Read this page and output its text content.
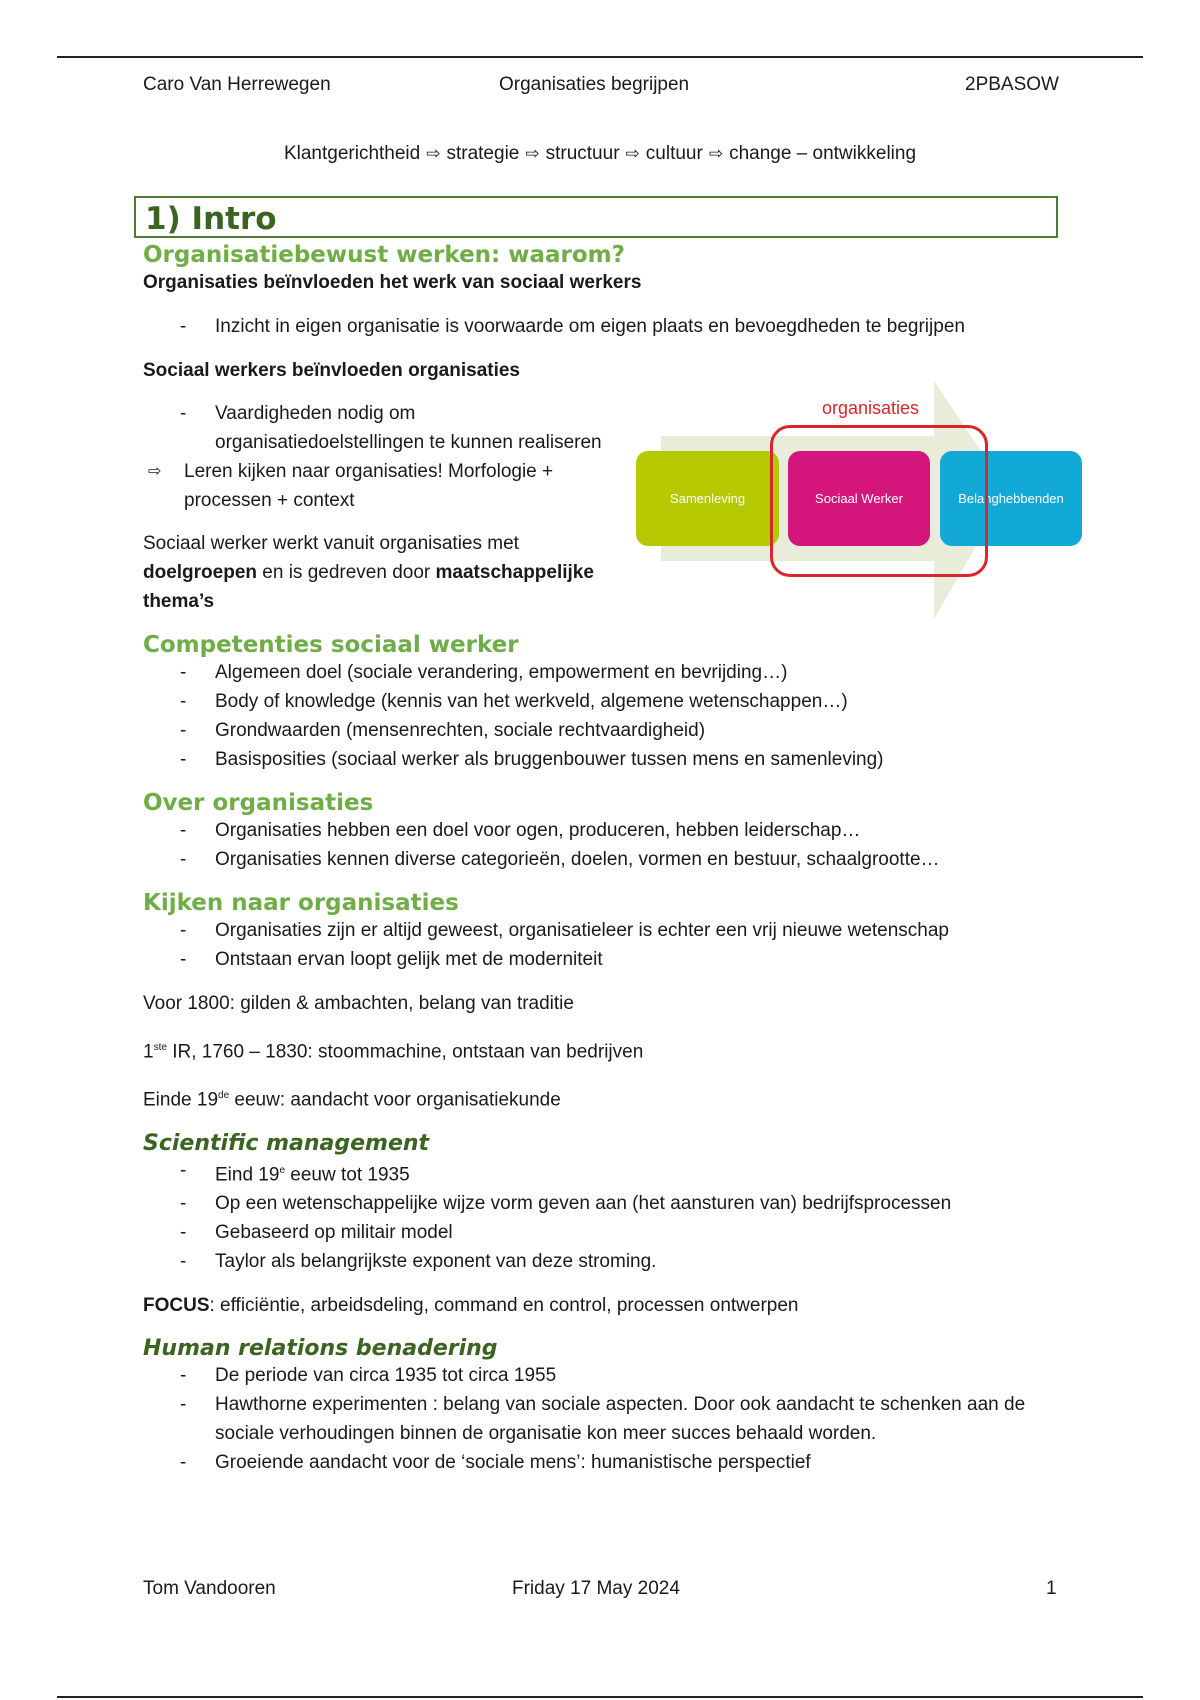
Caro Van Herrewegen	Organisaties begrijpen	2PBASOW
Klantgerichtheid ⇨ strategie ⇨ structuur ⇨ cultuur ⇨ change – ontwikkeling
1) Intro
Organisatiebewust werken: waarom?

Organisaties beïnvloeden het werk van sociaal werkers

- Inzicht in eigen organisatie is voorwaarde om eigen plaats en bevoegdheden te begrijpen

Sociaal werkers beïnvloeden organisaties

- Vaardigheden nodig om organisatiedoelstellingen te kunnen realiseren
⇨ Leren kijken naar organisaties! Morfologie + processen + context

Sociaal werker werkt vanuit organisaties met doelgroepen en is gedreven door maatschappelijke thema’s

Competenties sociaal werker
- Algemeen doel (sociale verandering, empowerment en bevrijding…)
- Body of knowledge (kennis van het werkveld, algemene wetenschappen…)
- Grondwaarden (mensenrechten, sociale rechtvaardigheid)
- Basisposities (sociaal werker als bruggenbouwer tussen mens en samenleving)
Over organisaties
- Organisaties hebben een doel voor ogen, produceren, hebben leiderschap…
- Organisaties kennen diverse categorieën, doelen, vormen en bestuur, schaalgrootte…
Kijken naar organisaties
- Organisaties zijn er altijd geweest, organisatieleer is echter een vrij nieuwe wetenschap
- Ontstaan ervan loopt gelijk met de moderniteit

Voor 1800: gilden & ambachten, belang van traditie

1ste IR, 1760 – 1830: stoommachine, ontstaan van bedrijven

Einde 19de eeuw: aandacht voor organisatiekunde

Scientific management
- Eind 19e eeuw tot 1935
- Op een wetenschappelijke wijze vorm geven aan (het aansturen van) bedrijfsprocessen
- Gebaseerd op militair model
- Taylor als belangrijkste exponent van deze stroming.

FOCUS: efficiëntie, arbeidsdeling, command en control, processen ontwerpen

Human relations benadering
- De periode van circa 1935 tot circa 1955
- Hawthorne experimenten : belang van sociale aspecten. Door ook aandacht te schenken aan de sociale verhoudingen binnen de organisatie kon meer succes behaald worden.
- Groeiende aandacht voor de ‘sociale mens’: humanistische perspectief
Samenleving	Sociaal Werker	Belanghebbenden
organisaties
Tom Vandooren	Friday 17 May 2024	1
